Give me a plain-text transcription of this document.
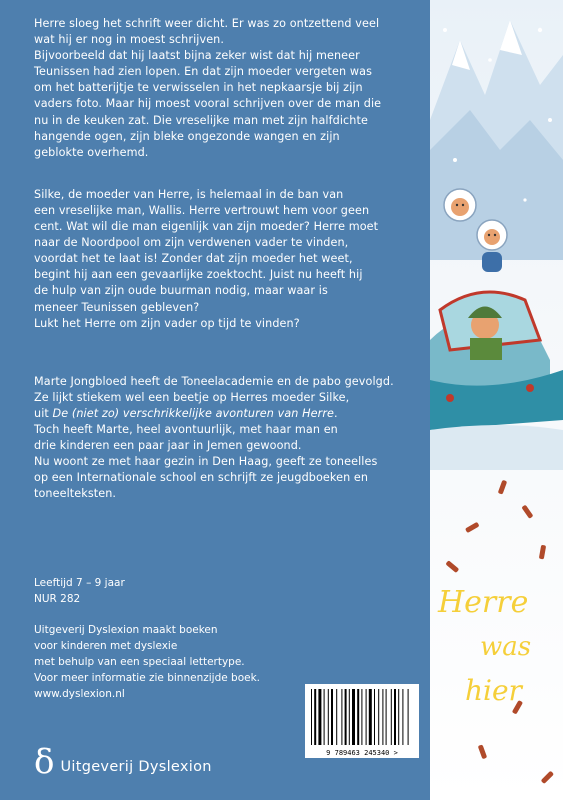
Herre sloeg het schrift weer dicht. Er was zo ontzettend veel
wat hij er nog in moest schrijven.
Bijvoorbeeld dat hij laatst bijna zeker wist dat hij meneer
Teunissen had zien lopen. En dat zijn moeder vergeten was
om het batterijtje te verwisselen in het nepkaarsje bij zijn
vaders foto. Maar hij moest vooral schrijven over de man die
nu in de keuken zat. Die vreselijke man met zijn halfdichte
hangende ogen, zijn bleke ongezonde wangen en zijn
geblokte overhemd.

Silke, de moeder van Herre, is helemaal in de ban van
een vreselijke man, Wallis. Herre vertrouwt hem voor geen
cent. Wat wil die man eigenlijk van zijn moeder? Herre moet
naar de Noordpool om zijn verdwenen vader te vinden,
voordat het te laat is! Zonder dat zijn moeder het weet,
begint hij aan een gevaarlijke zoektocht. Juist nu heeft hij
de hulp van zijn oude buurman nodig, maar waar is
meneer Teunissen gebleven?
Lukt het Herre om zijn vader op tijd te vinden?

Marte Jongbloed heeft de Toneelacademie en de pabo gevolgd.
Ze lijkt stiekem wel een beetje op Herres moeder Silke,
uit De (niet zo) verschrikkelijke avonturen van Herre.
Toch heeft Marte, heel avontuurlijk, met haar man en
drie kinderen een paar jaar in Jemen gewoond.
Nu woont ze met haar gezin in Den Haag, geeft ze toneelles
op een Internationale school en schrijft ze jeugdboeken en
toneelteksten.
Leeftijd 7 – 9 jaar
NUR 282
Uitgeverij Dyslexion maakt boeken
voor kinderen met dyslexie
met behulp van een speciaal lettertype.
Voor meer informatie zie binnenzijde boek.
www.dyslexion.nl
δ Uitgeverij Dyslexion
9 789463 245340 >
Herre
was
hier
